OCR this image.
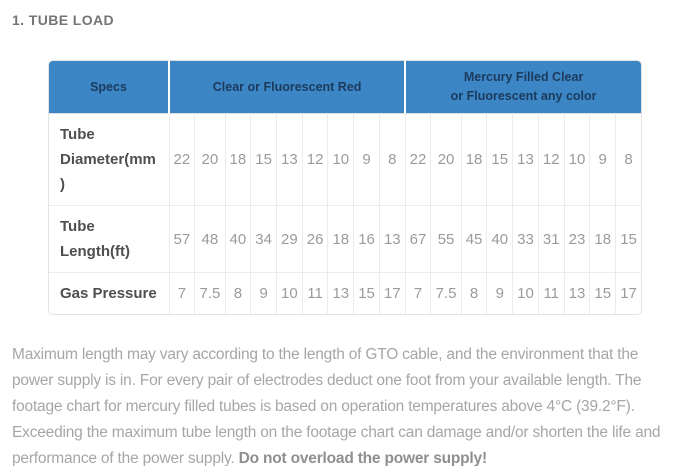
1. TUBE LOAD
Specs	Clear or Fluorescent Red									Mercury Filled Clear
or Fluorescent any color								
Tube Diameter(mm )	22	20	18	15	13	12	10	9	8	22	20	18	15	13	12	10	9	8
Tube Length(ft)	57	48	40	34	29	26	18	16	13	67	55	45	40	33	31	23	18	15
Gas Pressure	7	7.5	8	9	10	11	13	15	17	7	7.5	8	9	10	11	13	15	17

Maximum length may vary according to the length of GTO cable, and the environment that the power supply is in. For every pair of electrodes deduct one foot from your available length. The footage chart for mercury filled tubes is based on operation temperatures above 4°C (39.2°F). Exceeding the maximum tube length on the footage chart can damage and/or shorten the life and performance of the power supply. Do not overload the power supply!
